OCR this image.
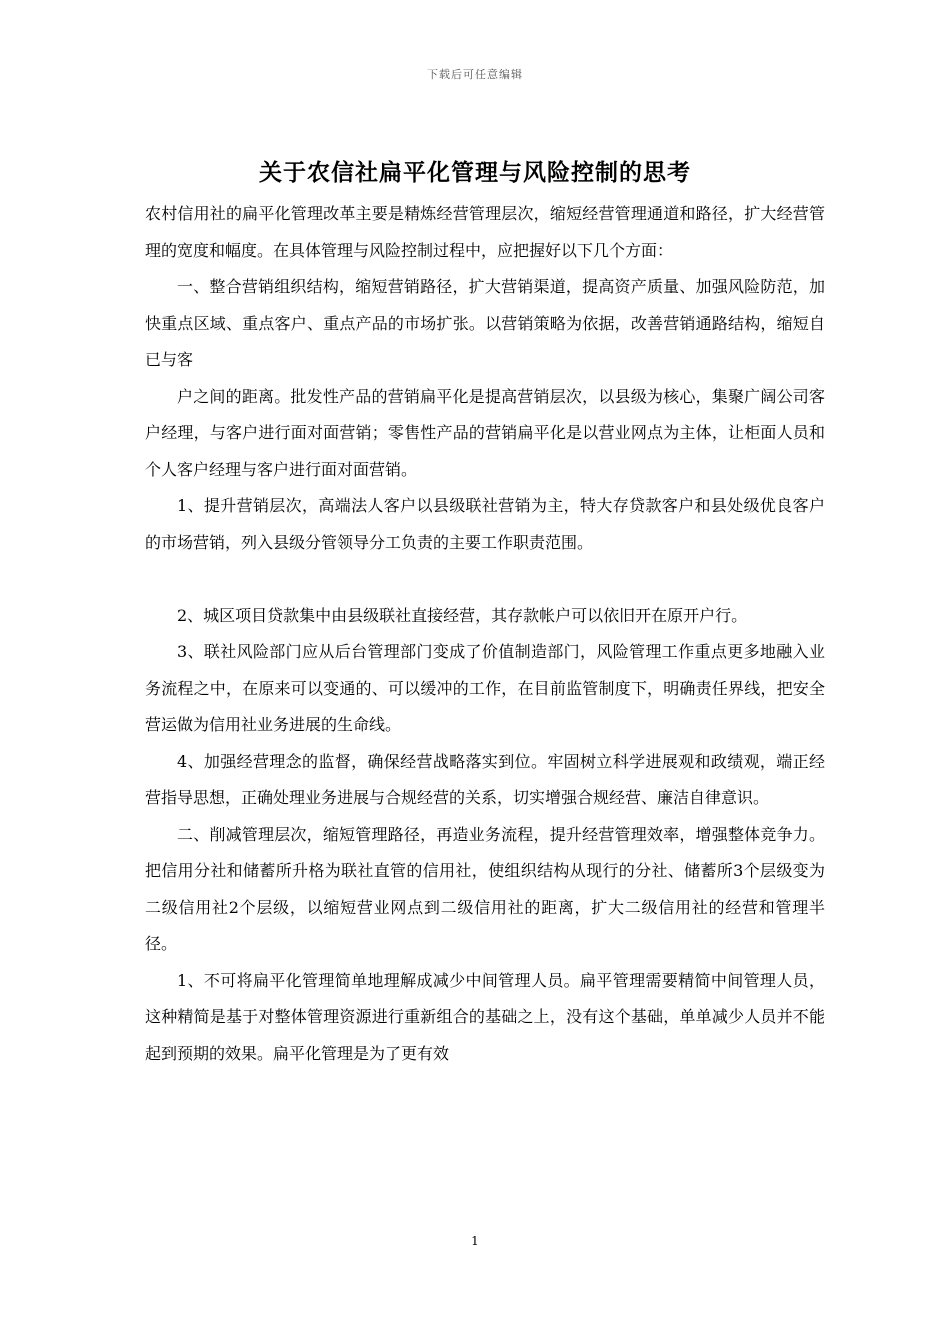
下载后可任意编辑
关于农信社扁平化管理与风险控制的思考

农村信用社的扁平化管理改革主要是精炼经营管理层次，缩短经营管理通道和路径，扩大经营管理的宽度和幅度。在具体管理与风险控制过程中，应把握好以下几个方面：

一、整合营销组织结构，缩短营销路径，扩大营销渠道，提高资产质量、加强风险防范，加快重点区域、重点客户、重点产品的市场扩张。以营销策略为依据，改善营销通路结构，缩短自已与客

户之间的距离。批发性产品的营销扁平化是提高营销层次，以县级为核心，集聚广阔公司客户经理，与客户进行面对面营销；零售性产品的营销扁平化是以营业网点为主体，让柜面人员和个人客户经理与客户进行面对面营销。

1、提升营销层次，高端法人客户以县级联社营销为主，特大存贷款客户和县处级优良客户的市场营销，列入县级分管领导分工负责的主要工作职责范围。

2、城区项目贷款集中由县级联社直接经营，其存款帐户可以依旧开在原开户行。

3、联社风险部门应从后台管理部门变成了价值制造部门，风险管理工作重点更多地融入业务流程之中，在原来可以变通的、可以缓冲的工作，在目前监管制度下，明确责任界线，把安全营运做为信用社业务进展的生命线。

4、加强经营理念的监督，确保经营战略落实到位。牢固树立科学进展观和政绩观，端正经营指导思想，正确处理业务进展与合规经营的关系，切实增强合规经营、廉洁自律意识。

二、削减管理层次，缩短管理路径，再造业务流程，提升经营管理效率，增强整体竞争力。把信用分社和储蓄所升格为联社直管的信用社，使组织结构从现行的分社、储蓄所3个层级变为二级信用社2个层级，以缩短营业网点到二级信用社的距离，扩大二级信用社的经营和管理半径。

1、不可将扁平化管理简单地理解成减少中间管理人员。扁平管理需要精简中间管理人员，这种精简是基于对整体管理资源进行重新组合的基础之上，没有这个基础，单单减少人员并不能起到预期的效果。扁平化管理是为了更有效

1
